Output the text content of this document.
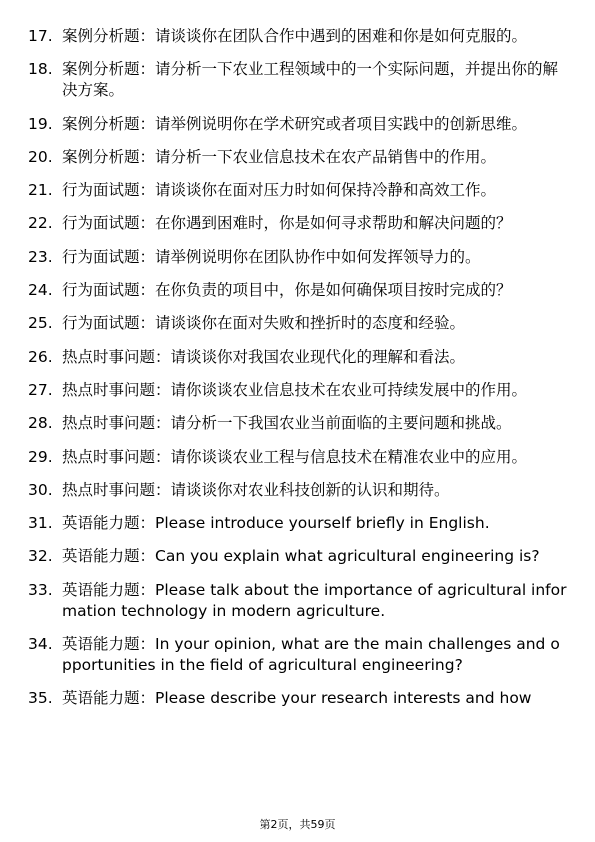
17. 案例分析题：请谈谈你在团队合作中遇到的困难和你是如何克服的。
18. 案例分析题：请分析一下农业工程领域中的一个实际问题，并提出你的解决方案。
19. 案例分析题：请举例说明你在学术研究或者项目实践中的创新思维。
20. 案例分析题：请分析一下农业信息技术在农产品销售中的作用。
21. 行为面试题：请谈谈你在面对压力时如何保持冷静和高效工作。
22. 行为面试题：在你遇到困难时，你是如何寻求帮助和解决问题的？
23. 行为面试题：请举例说明你在团队协作中如何发挥领导力的。
24. 行为面试题：在你负责的项目中，你是如何确保项目按时完成的？
25. 行为面试题：请谈谈你在面对失败和挫折时的态度和经验。
26. 热点时事问题：请谈谈你对我国农业现代化的理解和看法。
27. 热点时事问题：请你谈谈农业信息技术在农业可持续发展中的作用。
28. 热点时事问题：请分析一下我国农业当前面临的主要问题和挑战。
29. 热点时事问题：请你谈谈农业工程与信息技术在精准农业中的应用。
30. 热点时事问题：请谈谈你对农业科技创新的认识和期待。
31. 英语能力题：Please introduce yourself briefly in English.
32. 英语能力题：Can you explain what agricultural engineering is?
33. 英语能力题：Please talk about the importance of agricultural information technology in modern agriculture.
34. 英语能力题：In your opinion, what are the main challenges and opportunities in the field of agricultural engineering?
35. 英语能力题：Please describe your research interests and how
第2页，共59页
